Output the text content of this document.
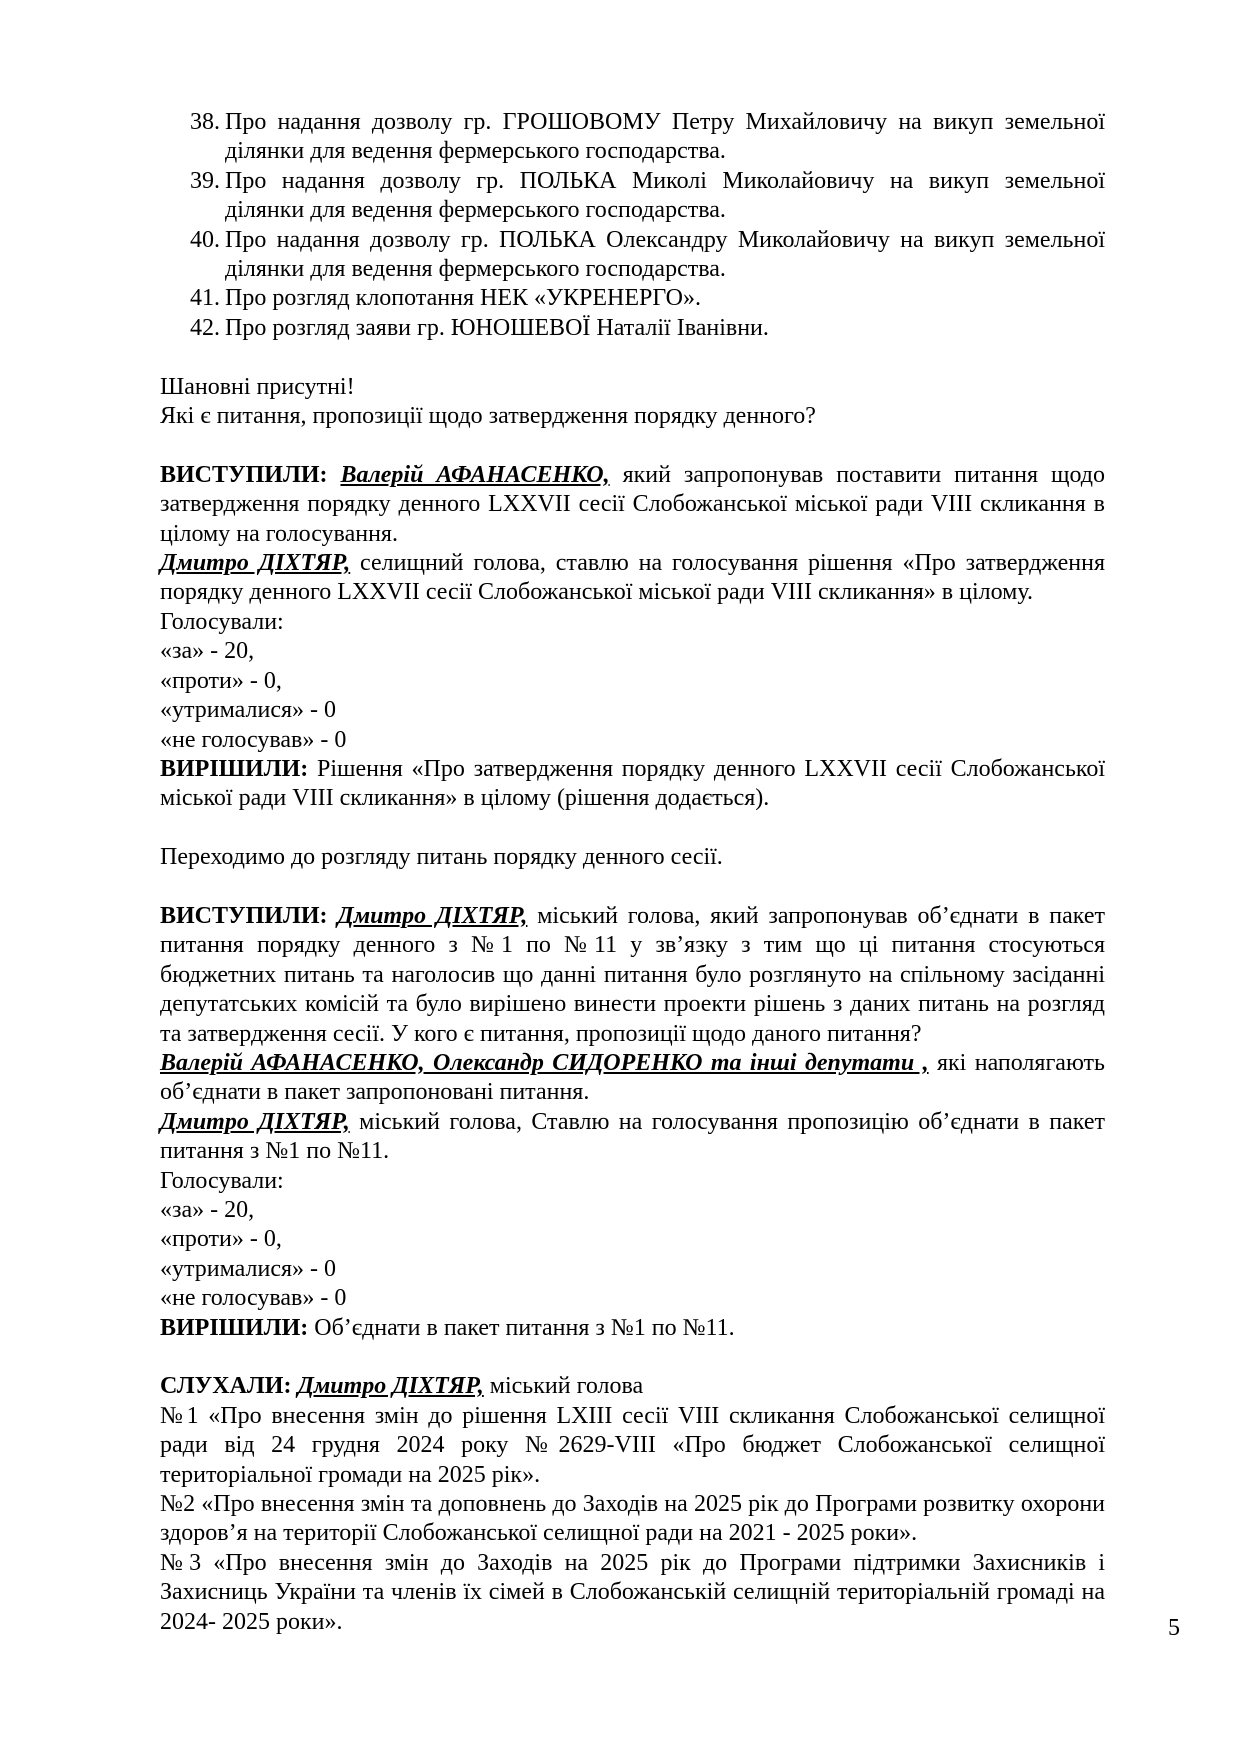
38. Про надання дозволу гр. ГРОШОВОМУ Петру Михайловичу на викуп земельної ділянки для ведення фермерського господарства.
39. Про надання дозволу гр. ПОЛЬКА Миколі Миколайовичу на викуп земельної ділянки для ведення фермерського господарства.
40. Про надання дозволу гр. ПОЛЬКА Олександру Миколайовичу на викуп земельної ділянки для ведення фермерського господарства.
41. Про розгляд клопотання НЕК «УКРЕНЕРГО».
42. Про розгляд заяви гр. ЮНОШЕВОЇ Наталії Іванівни.

Шановні присутні!

Які є питання, пропозиції щодо затвердження порядку денного?

ВИСТУПИЛИ: Валерій АФАНАСЕНКО, який запропонував поставити питання щодо затвердження порядку денного LXXVII сесії Слобожанської міської ради VIII скликання в цілому на голосування.

Дмитро ДІХТЯР, селищний голова, ставлю на голосування рішення «Про затвердження порядку денного LXXVII сесії Слобожанської міської ради VIII скликання» в цілому.

Голосували:

«за» - 20,

«проти» - 0,

«утрималися» - 0

«не голосував» - 0

ВИРІШИЛИ: Рішення «Про затвердження порядку денного LXXVII сесії Слобожанської міської ради VIII скликання» в цілому (рішення додається).

Переходимо до розгляду питань порядку денного сесії.

ВИСТУПИЛИ: Дмитро ДІХТЯР, міський голова, який запропонував об’єднати в пакет питання порядку денного з №1 по №11 у зв’язку з тим що ці питання стосуються бюджетних питань та наголосив що данні питання було розглянуто на спільному засіданні депутатських комісій та було вирішено винести проекти рішень з даних питань на розгляд та затвердження сесії. У кого є питання, пропозиції щодо даного питання?

Валерій АФАНАСЕНКО, Олександр СИДОРЕНКО та інші депутати , які наполягають об’єднати в пакет запропоновані питання.

Дмитро ДІХТЯР, міський голова, Ставлю на голосування пропозицію об’єднати в пакет питання з №1 по №11.

Голосували:

«за» - 20,

«проти» - 0,

«утрималися» - 0

«не голосував» - 0

ВИРІШИЛИ: Об’єднати в пакет питання з №1 по №11.

СЛУХАЛИ: Дмитро ДІХТЯР, міський голова

№1 «Про внесення змін до рішення LXIII сесії VIII скликання Слобожанської селищної ради від 24 грудня 2024 року №2629-VIII «Про бюджет Слобожанської селищної територіальної громади на 2025 рік».

№2 «Про внесення змін та доповнень до Заходів на 2025 рік до Програми розвитку охорони здоров’я на території Слобожанської селищної ради на 2021 - 2025 роки».

№3 «Про внесення змін до Заходів на 2025 рік до Програми підтримки Захисників і Захисниць України та членів їх сімей в Слобожанській селищній територіальній громаді на 2024- 2025 роки».	5
